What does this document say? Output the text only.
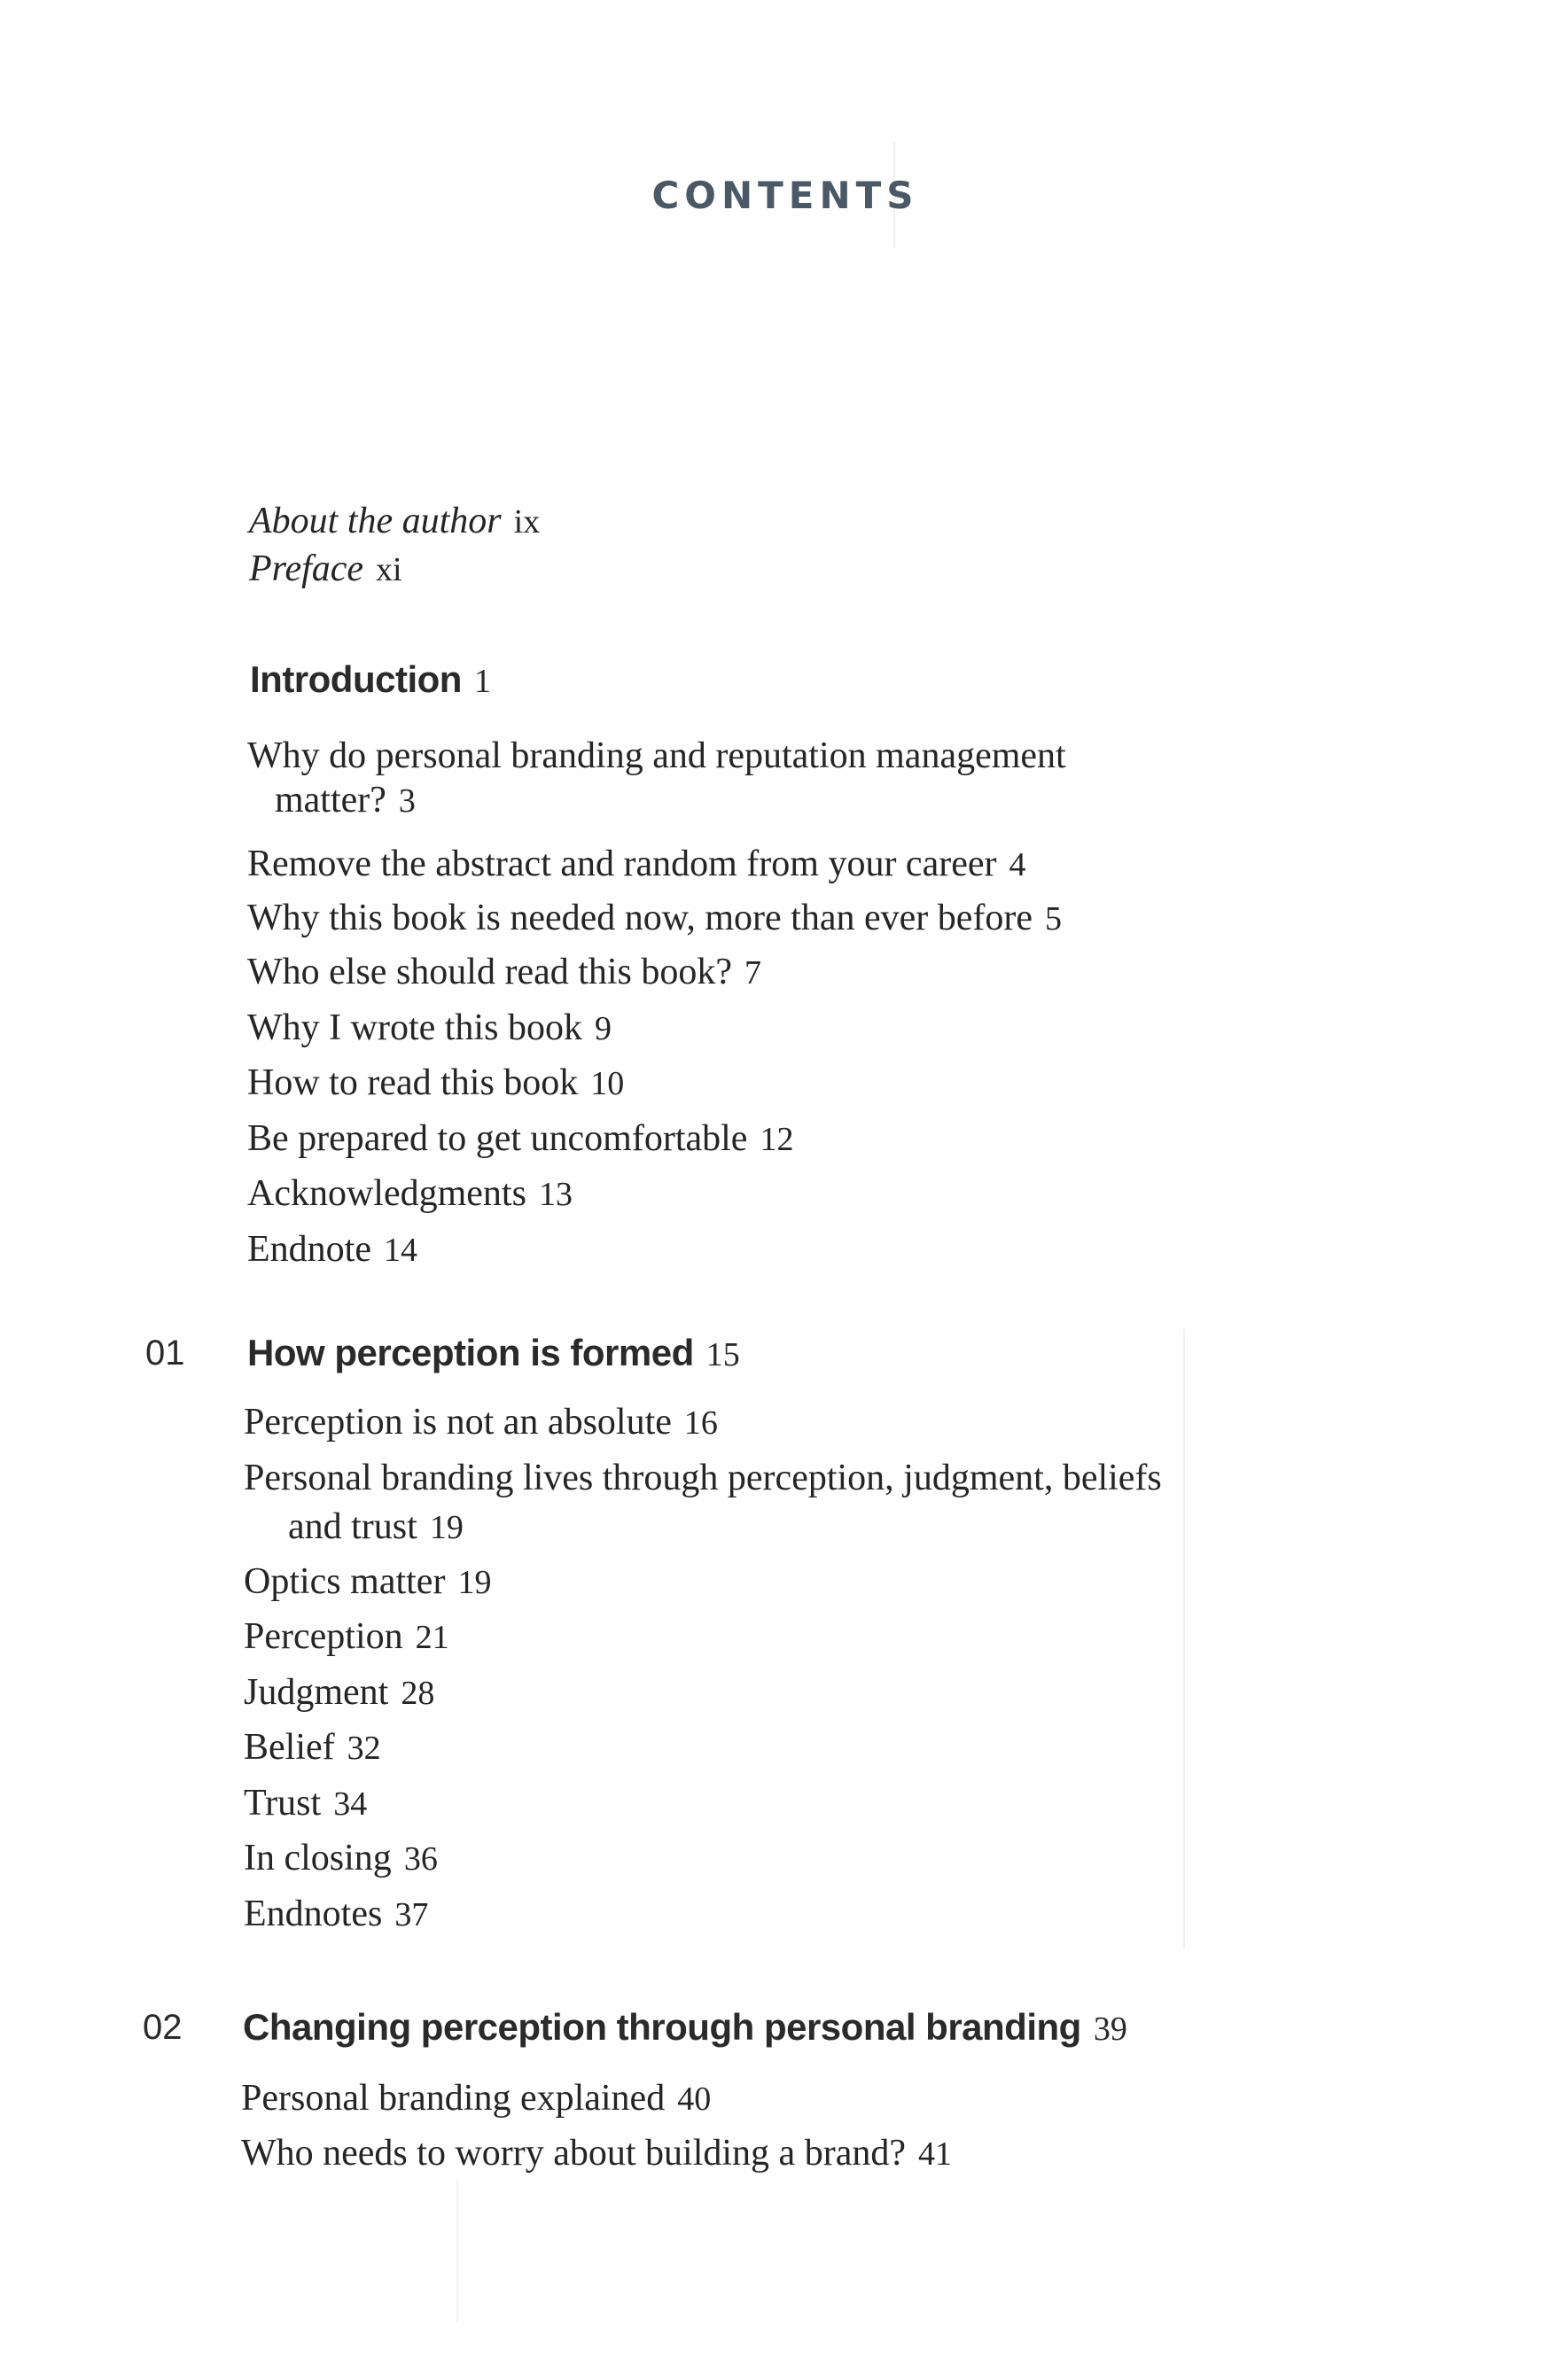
CONTENTS
About the author ix
Preface xi
Introduction 1
Why do personal branding and reputation management
matter? 3
Remove the abstract and random from your career 4
Why this book is needed now, more than ever before 5
Who else should read this book? 7
Why I wrote this book 9
How to read this book 10
Be prepared to get uncomfortable 12
Acknowledgments 13
Endnote 14
01 How perception is formed 15
Perception is not an absolute 16
Personal branding lives through perception, judgment, beliefs
and trust 19
Optics matter 19
Perception 21
Judgment 28
Belief 32
Trust 34
In closing 36
Endnotes 37
02 Changing perception through personal branding 39
Personal branding explained 40
Who needs to worry about building a brand? 41
